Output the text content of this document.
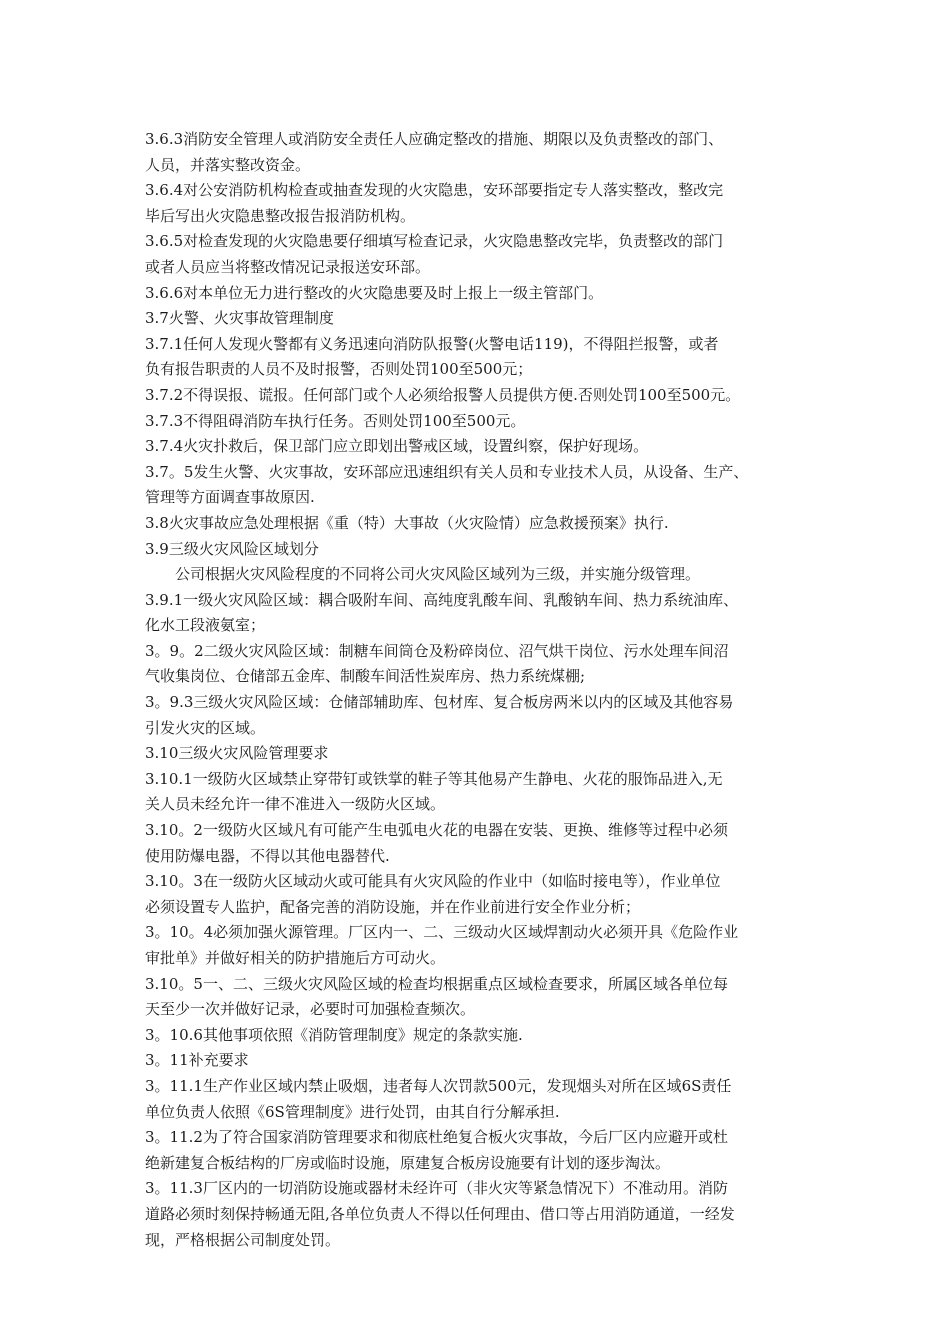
3.6.3消防安全管理人或消防安全责任人应确定整改的措施、期限以及负责整改的部门、
人员，并落实整改资金。
3.6.4对公安消防机构检查或抽查发现的火灾隐患，安环部要指定专人落实整改，整改完
毕后写出火灾隐患整改报告报消防机构。
3.6.5对检查发现的火灾隐患要仔细填写检查记录，火灾隐患整改完毕，负责整改的部门
或者人员应当将整改情况记录报送安环部。
3.6.6对本单位无力进行整改的火灾隐患要及时上报上一级主管部门。
3.7火警、火灾事故管理制度
3.7.1任何人发现火警都有义务迅速向消防队报警(火警电话119)，不得阻拦报警，或者
负有报告职责的人员不及时报警，否则处罚100至500元；
3.7.2不得误报、谎报。任何部门或个人必须给报警人员提供方便.否则处罚100至500元。
3.7.3不得阻碍消防车执行任务。否则处罚100至500元。
3.7.4火灾扑救后，保卫部门应立即划出警戒区域，设置纠察，保护好现场。
3.7。5发生火警、火灾事故，安环部应迅速组织有关人员和专业技术人员，从设备、生产、
管理等方面调查事故原因.
3.8火灾事故应急处理根据《重（特）大事故（火灾险情）应急救援预案》执行.
3.9三级火灾风险区域划分
公司根据火灾风险程度的不同将公司火灾风险区域列为三级，并实施分级管理。
3.9.1一级火灾风险区域：耦合吸附车间、高纯度乳酸车间、乳酸钠车间、热力系统油库、
化水工段液氨室；
3。9。2二级火灾风险区域：制糖车间筒仓及粉碎岗位、沼气烘干岗位、污水处理车间沼
气收集岗位、仓储部五金库、制酸车间活性炭库房、热力系统煤棚;
3。9.3三级火灾风险区域：仓储部辅助库、包材库、复合板房两米以内的区域及其他容易
引发火灾的区域。
3.10三级火灾风险管理要求
3.10.1一级防火区域禁止穿带钉或铁掌的鞋子等其他易产生静电、火花的服饰品进入,无
关人员未经允许一律不准进入一级防火区域。
3.10。2一级防火区域凡有可能产生电弧电火花的电器在安装、更换、维修等过程中必须
使用防爆电器，不得以其他电器替代.
3.10。3在一级防火区域动火或可能具有火灾风险的作业中（如临时接电等），作业单位
必须设置专人监护，配备完善的消防设施，并在作业前进行安全作业分析；
3。10。4必须加强火源管理。厂区内一、二、三级动火区域焊割动火必须开具《危险作业
审批单》并做好相关的防护措施后方可动火。
3.10。5一、二、三级火灾风险区域的检查均根据重点区域检查要求，所属区域各单位每
天至少一次并做好记录，必要时可加强检查频次。
3。10.6其他事项依照《消防管理制度》规定的条款实施.
3。11补充要求
3。11.1生产作业区域内禁止吸烟，违者每人次罚款500元，发现烟头对所在区域6S责任
单位负责人依照《6S管理制度》进行处罚，由其自行分解承担.
3。11.2为了符合国家消防管理要求和彻底杜绝复合板火灾事故，今后厂区内应避开或杜
绝新建复合板结构的厂房或临时设施，原建复合板房设施要有计划的逐步淘汰。
3。11.3厂区内的一切消防设施或器材未经许可（非火灾等紧急情况下）不准动用。消防
道路必须时刻保持畅通无阻,各单位负责人不得以任何理由、借口等占用消防通道，一经发
现，严格根据公司制度处罚。
